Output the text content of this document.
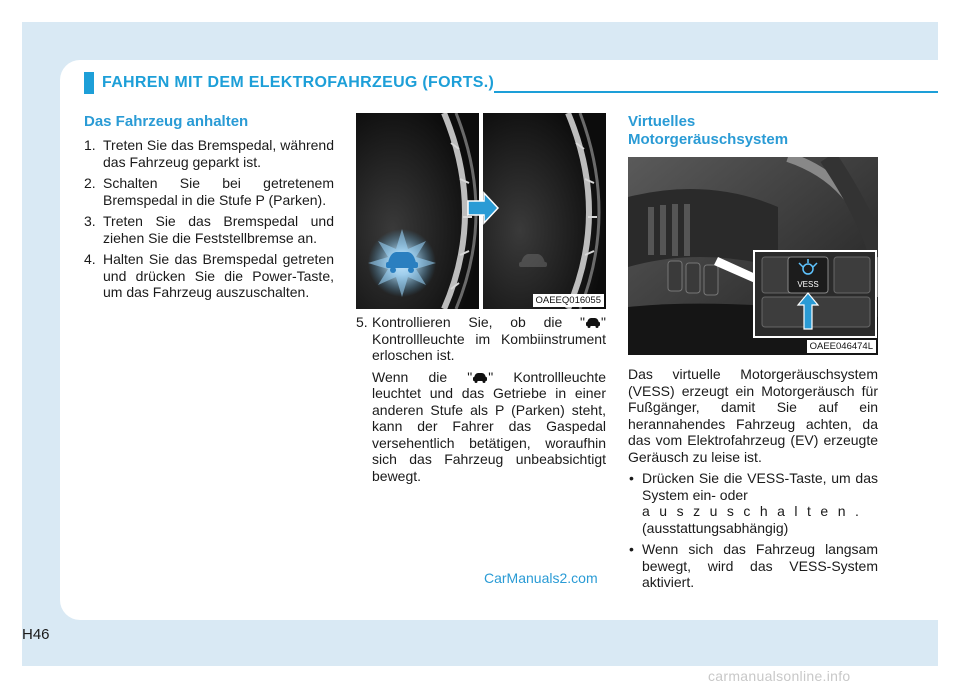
FAHREN MIT DEM ELEKTROFAHRZEUG (FORTS.)
Das Fahrzeug anhalten
1. Treten Sie das Bremspedal, während das Fahrzeug geparkt ist.
2. Schalten Sie bei getretenem Bremspedal in die Stufe P (Parken).
3. Treten Sie das Bremspedal und ziehen Sie die Feststellbremse an.
4. Halten Sie das Bremspedal getreten und drücken Sie die Power-Taste, um das Fahrzeug auszuschalten.
OAEEQ016055
5. Kontrollieren Sie, ob die " " Kontrollleuchte im Kombiinstrument erloschen ist.

Wenn die " " Kontrollleuchte leuchtet und das Getriebe in einer anderen Stufe als P (Parken) steht, kann der Fahrer das Gaspedal versehentlich betätigen, woraufhin sich das Fahrzeug unbeabsichtigt bewegt.

Virtuelles
Motorgeräuschsystem
VESS
OAEE046474L

Das virtuelle Motorgeräuschsystem (VESS) erzeugt ein Motorgeräusch für Fußgänger, damit Sie auf ein herannahendes Fahrzeug achten, da das vom Elektrofahrzeug (EV) erzeugte Geräusch zu leise ist.

• Drücken Sie die VESS-Taste, um das System ein- oder
auszuschalten.
(ausstattungsabhängig)
• Wenn sich das Fahrzeug langsam bewegt, wird das VESS-System aktiviert.
CarManuals2.com
H46
carmanualsonline.info
